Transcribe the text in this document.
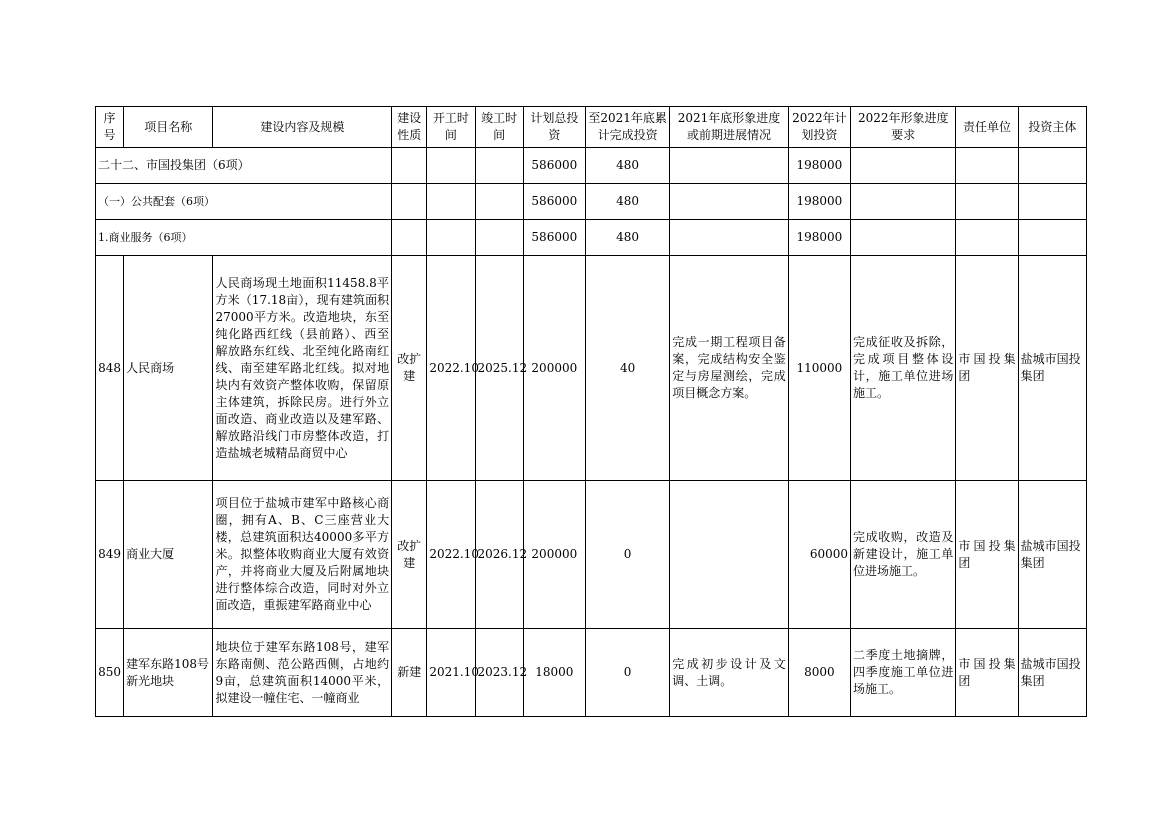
序号	项目名称	建设内容及规模	建设性质	开工时间	竣工时间	计划总投资	至2021年底累计完成投资	2021年底形象进度或前期进展情况	2022年计划投资	2022年形象进度要求	责任单位	投资主体
二十二、市国投集团（6项）						586000	480		198000			
（一）公共配套（6项）						586000	480		198000			
1.商业服务（6项）						586000	480		198000			
848	人民商场	人民商场现土地面积11458.8平方米（17.18亩），现有建筑面积27000平方米。改造地块，东至纯化路西红线（县前路）、西至解放路东红线、北至纯化路南红线、南至建军路北红线。拟对地块内有效资产整体收购，保留原主体建筑，拆除民房。进行外立面改造、商业改造以及建军路、解放路沿线门市房整体改造，打造盐城老城精品商贸中心	改扩建	2022.10	2025.12	200000	40	完成一期工程项目备案，完成结构安全鉴定与房屋测绘，完成项目概念方案。	110000	完成征收及拆除，完成项目整体设计，施工单位进场施工。	市国投集团	盐城市国投集团
849	商业大厦	项目位于盐城市建军中路核心商圈，拥有A、B、C三座营业大楼，总建筑面积达40000多平方米。拟整体收购商业大厦有效资产，并将商业大厦及后附属地块进行整体综合改造，同时对外立面改造，重振建军路商业中心	改扩建	2022.10	2026.12	200000	0		60000	完成收购，改造及新建设计，施工单位进场施工。	市国投集团	盐城市国投集团
850	建军东路108号新光地块	地块位于建军东路108号，建军东路南侧、范公路西侧，占地约9亩，总建筑面积14000平米，拟建设一幢住宅、一幢商业	新建	2021.10	2023.12	18000	0	完成初步设计及文调、土调。	8000	二季度土地摘牌，四季度施工单位进场施工。	市国投集团	盐城市国投集团
